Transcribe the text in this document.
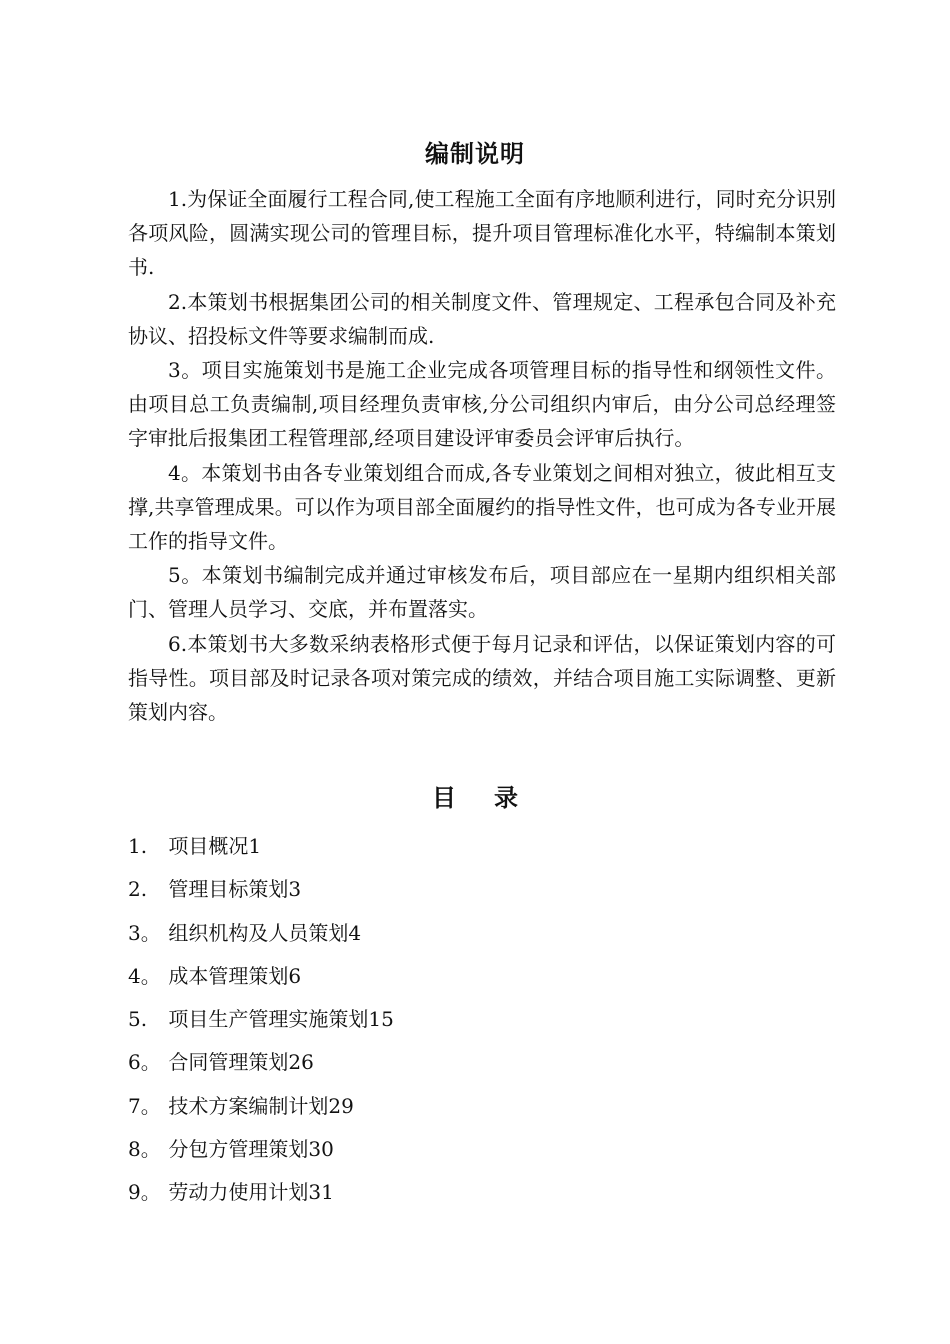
编制说明

1.为保证全面履行工程合同,使工程施工全面有序地顺利进行，同时充分识别各项风险，圆满实现公司的管理目标，提升项目管理标准化水平，特编制本策划书.

2.本策划书根据集团公司的相关制度文件、管理规定、工程承包合同及补充协议、招投标文件等要求编制而成.

3。项目实施策划书是施工企业完成各项管理目标的指导性和纲领性文件。由项目总工负责编制,项目经理负责审核,分公司组织内审后，由分公司总经理签字审批后报集团工程管理部,经项目建设评审委员会评审后执行。

4。本策划书由各专业策划组合而成,各专业策划之间相对独立，彼此相互支撑,共享管理成果。可以作为项目部全面履约的指导性文件，也可成为各专业开展工作的指导文件。

5。本策划书编制完成并通过审核发布后，项目部应在一星期内组织相关部门、管理人员学习、交底，并布置落实。

6.本策划书大多数采纳表格形式便于每月记录和评估，以保证策划内容的可指导性。项目部及时记录各项对策完成的绩效，并结合项目施工实际调整、更新策划内容。

目 录
1. 项目概况1
2. 管理目标策划3
3。 组织机构及人员策划4
4。 成本管理策划6
5. 项目生产管理实施策划15
6。 合同管理策划26
7。 技术方案编制计划29
8。 分包方管理策划30
9。 劳动力使用计划31
